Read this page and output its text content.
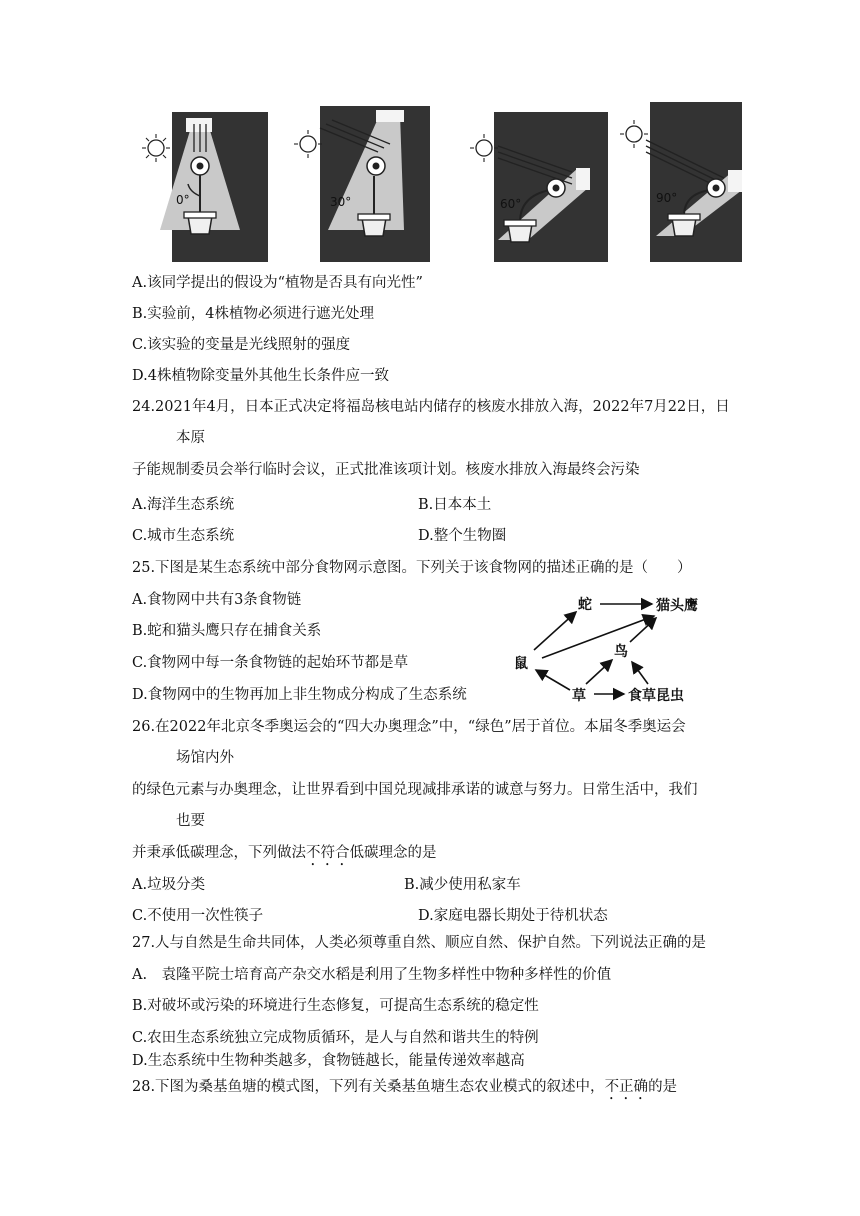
0°	30°	60°	90°
A.该同学提出的假设为“植物是否具有向光性”
B.实验前，4株植物必须进行遮光处理
C.该实验的变量是光线照射的强度
D.4株植物除变量外其他生长条件应一致
24.2021年4月，日本正式决定将福岛核电站内储存的核废水排放入海，2022年7月22日，日
本原
子能规制委员会举行临时会议，正式批准该项计划。核废水排放入海最终会污染
A.海洋生态系统	B.日本本土
C.城市生态系统	D.整个生物圈
25.下图是某生态系统中部分食物网示意图。下列关于该食物网的描述正确的是（　　）
A.食物网中共有3条食物链
B.蛇和猫头鹰只存在捕食关系
C.食物网中每一条食物链的起始环节都是草
D.食物网中的生物再加上非生物成分构成了生态系统
蛇	猫头鹰
鼠
鸟
草	食草昆虫
26.在2022年北京冬季奥运会的“四大办奥理念”中，“绿色”居于首位。本届冬季奥运会
场馆内外
的绿色元素与办奥理念，让世界看到中国兑现减排承诺的诚意与努力。日常生活中，我们
也要
并秉承低碳理念，下列做法不符合低碳理念的是
A.垃圾分类	B.减少使用私家车
C.不使用一次性筷子	D.家庭电器长期处于待机状态
27.人与自然是生命共同体，人类必须尊重自然、顺应自然、保护自然。下列说法正确的是
A.　袁隆平院士培育高产杂交水稻是利用了生物多样性中物种多样性的价值
B.对破坏或污染的环境进行生态修复，可提高生态系统的稳定性
C.农田生态系统独立完成物质循环，是人与自然和谐共生的特例
D.生态系统中生物种类越多，食物链越长，能量传递效率越高
28.下图为桑基鱼塘的模式图，下列有关桑基鱼塘生态农业模式的叙述中，不正确的是
